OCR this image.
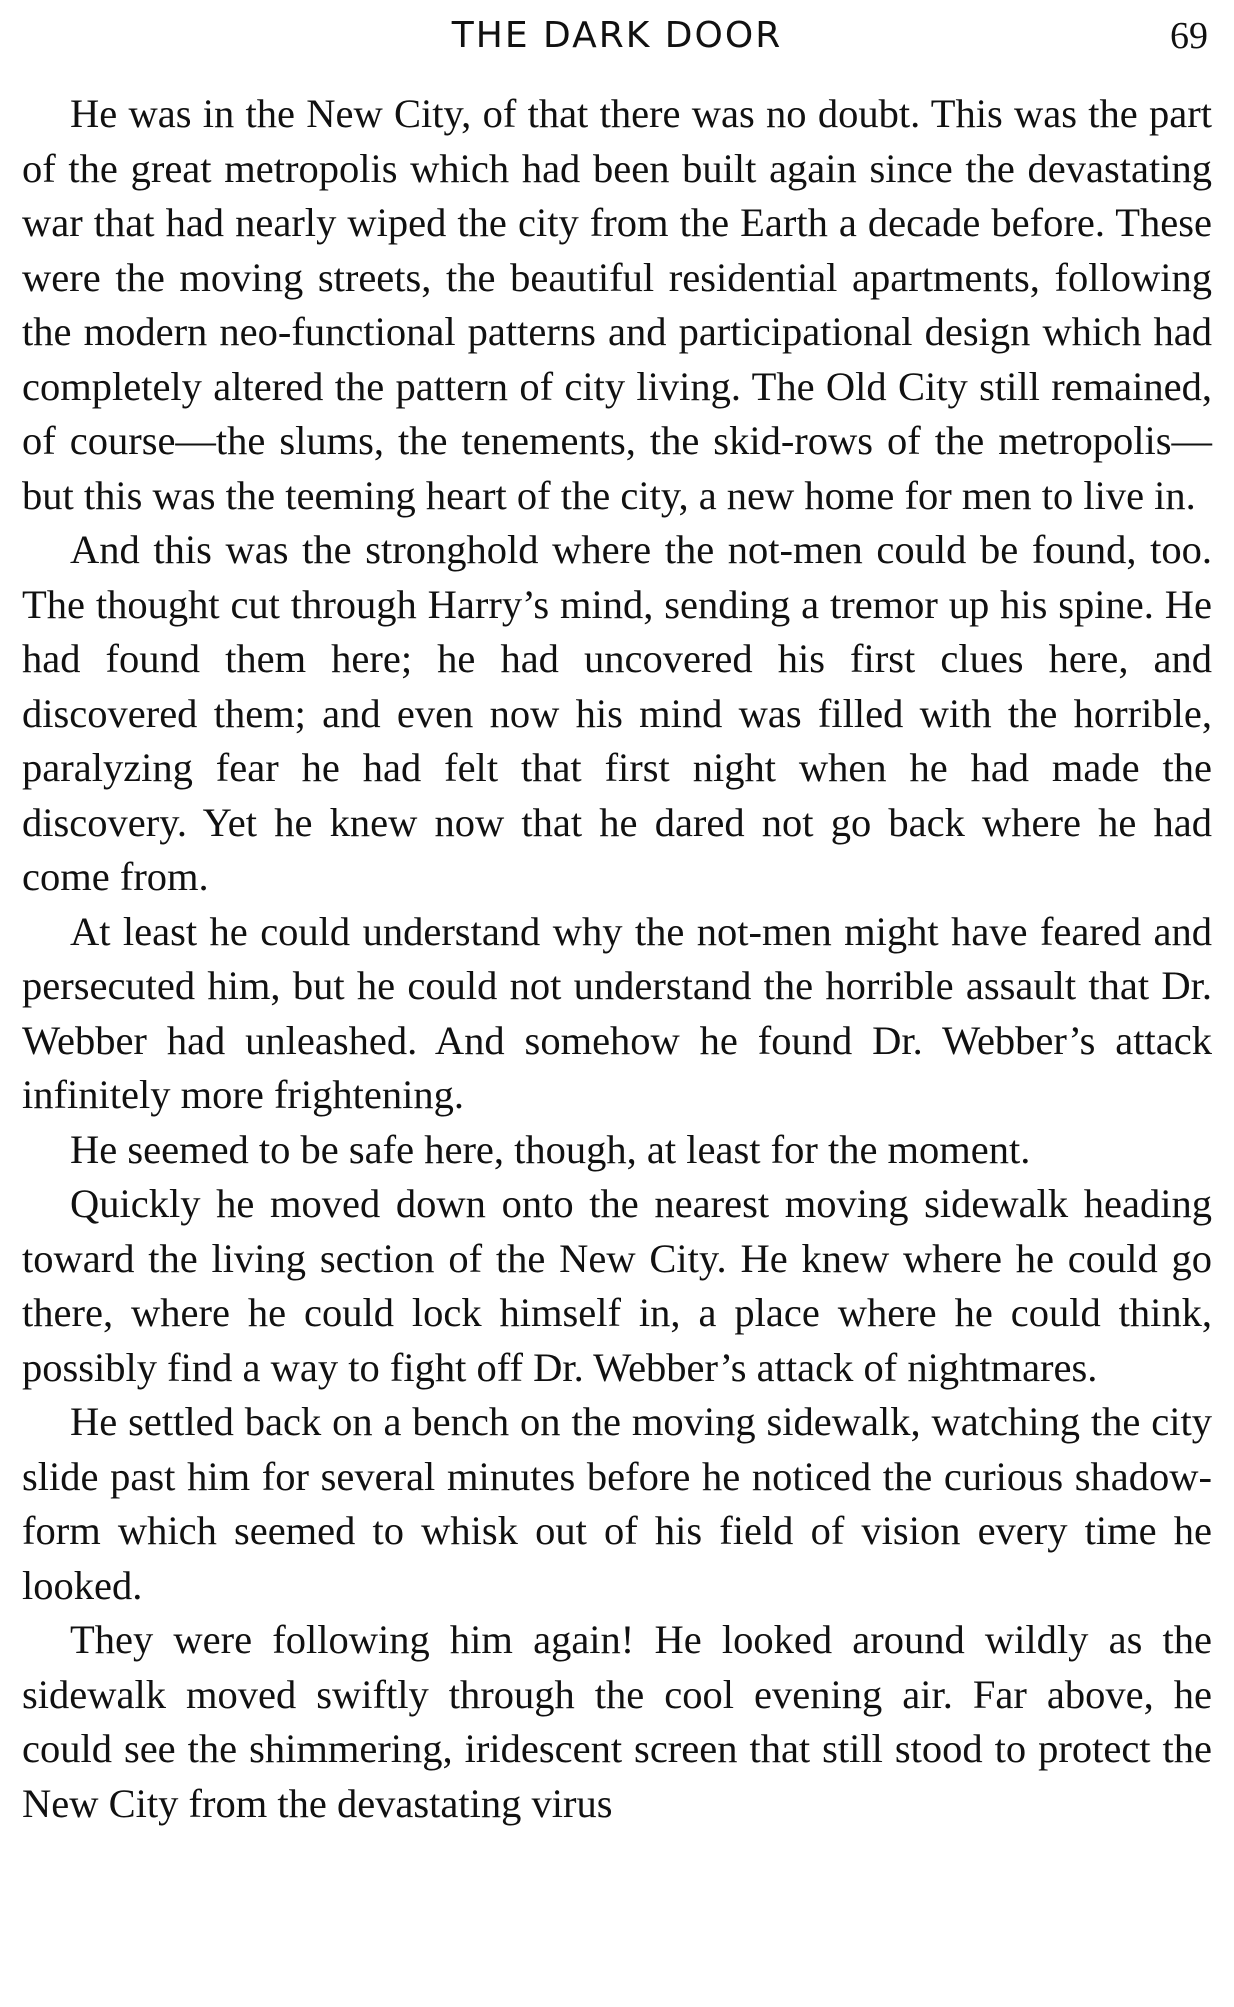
THE DARK DOOR	69

He was in the New City, of that there was no doubt. This was the part of the great metropolis which had been built again since the devastating war that had nearly wiped the city from the Earth a decade before. These were the moving streets, the beautiful residential apartments, following the modern neo-functional patterns and participational design which had completely altered the pattern of city living. The Old City still remained, of course—the slums, the tenements, the skid-rows of the metropolis—but this was the teeming heart of the city, a new home for men to live in.

And this was the stronghold where the not-men could be found, too. The thought cut through Harry’s mind, sending a tremor up his spine. He had found them here; he had uncovered his first clues here, and discovered them; and even now his mind was filled with the horrible, paralyzing fear he had felt that first night when he had made the discovery. Yet he knew now that he dared not go back where he had come from.

At least he could understand why the not-men might have feared and persecuted him, but he could not understand the horrible assault that Dr. Webber had unleashed. And somehow he found Dr. Webber’s attack infinitely more frightening.

He seemed to be safe here, though, at least for the moment.

Quickly he moved down onto the nearest moving sidewalk heading toward the living section of the New City. He knew where he could go there, where he could lock himself in, a place where he could think, possibly find a way to fight off Dr. Webber’s attack of nightmares.

He settled back on a bench on the moving sidewalk, watching the city slide past him for several minutes before he noticed the curious shadow-form which seemed to whisk out of his field of vision every time he looked.

They were following him again! He looked around wildly as the sidewalk moved swiftly through the cool evening air. Far above, he could see the shimmering, iridescent screen that still stood to protect the New City from the devastating virus
